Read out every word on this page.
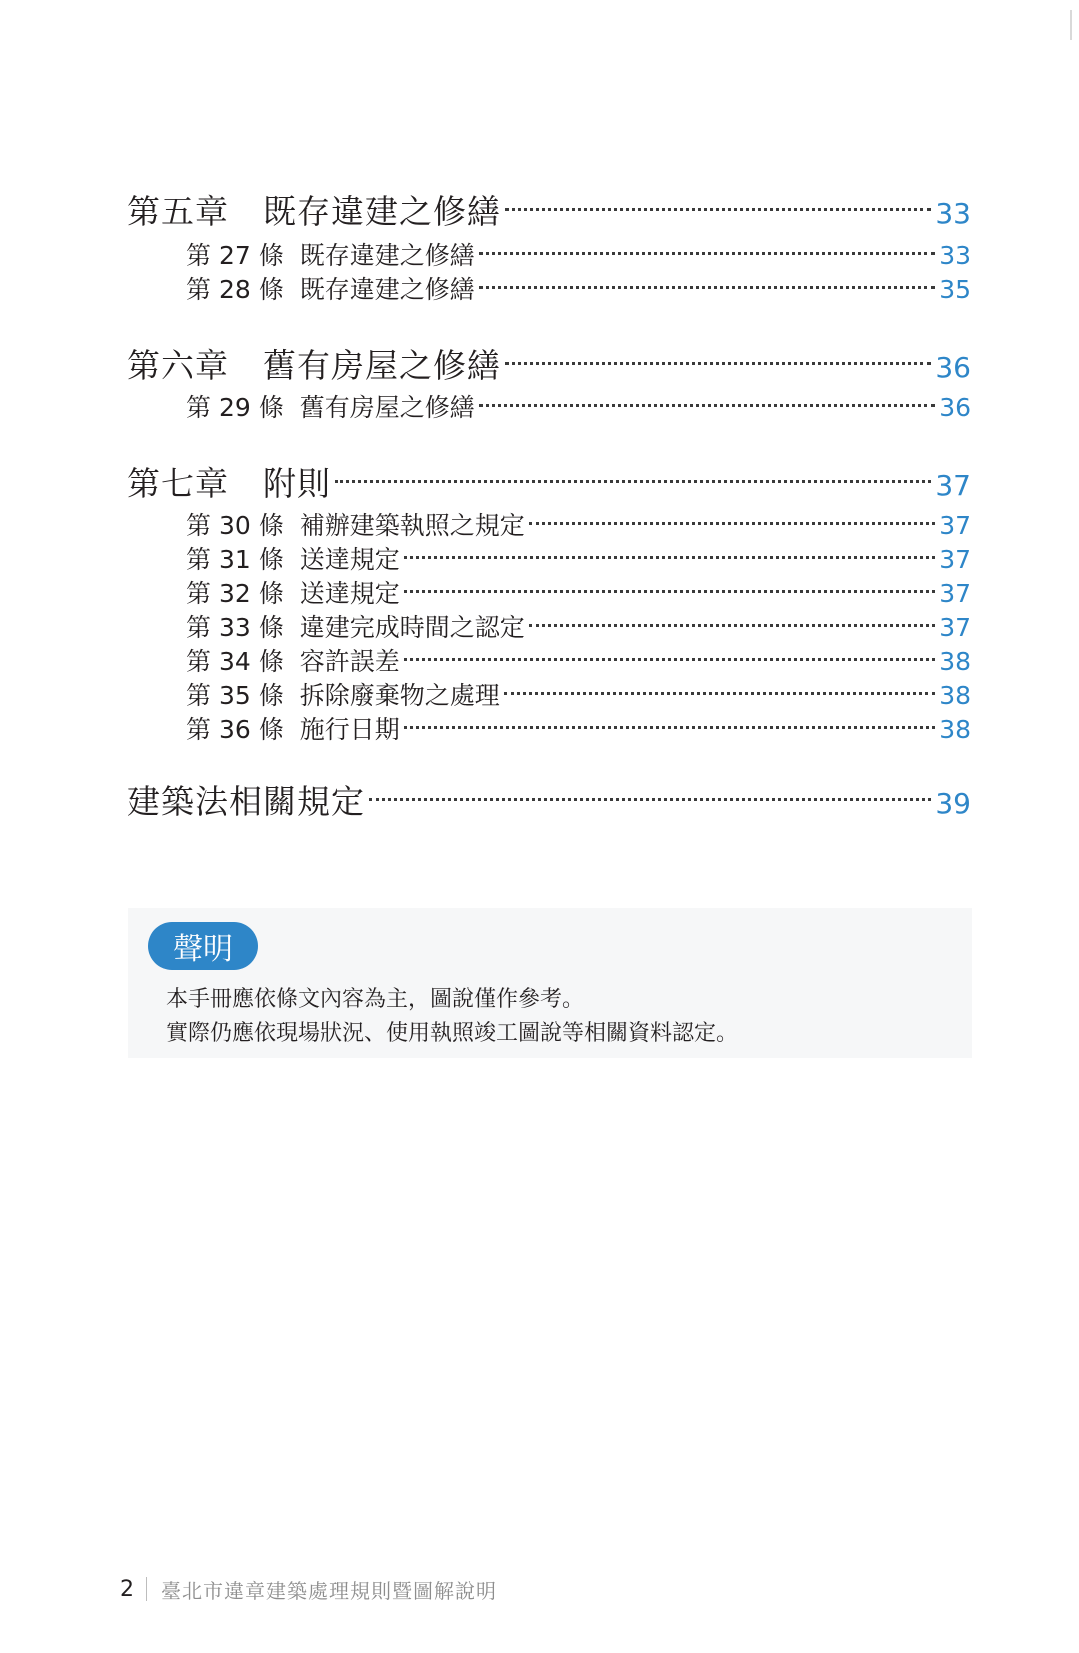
第五章　既存違建之修繕	33
第 27 條 既存違建之修繕	33
第 28 條 既存違建之修繕	35
第六章　舊有房屋之修繕	36
第 29 條 舊有房屋之修繕	36
第七章　附則	37
第 30 條 補辦建築執照之規定	37
第 31 條 送達規定	37
第 32 條 送達規定	37
第 33 條 違建完成時間之認定	37
第 34 條 容許誤差	38
第 35 條 拆除廢棄物之處理	38
第 36 條 施行日期	38
建築法相關規定	39
聲明
本手冊應依條文內容為主，圖說僅作參考。
實際仍應依現場狀況、使用執照竣工圖說等相關資料認定。
2 臺北市違章建築處理規則暨圖解說明
